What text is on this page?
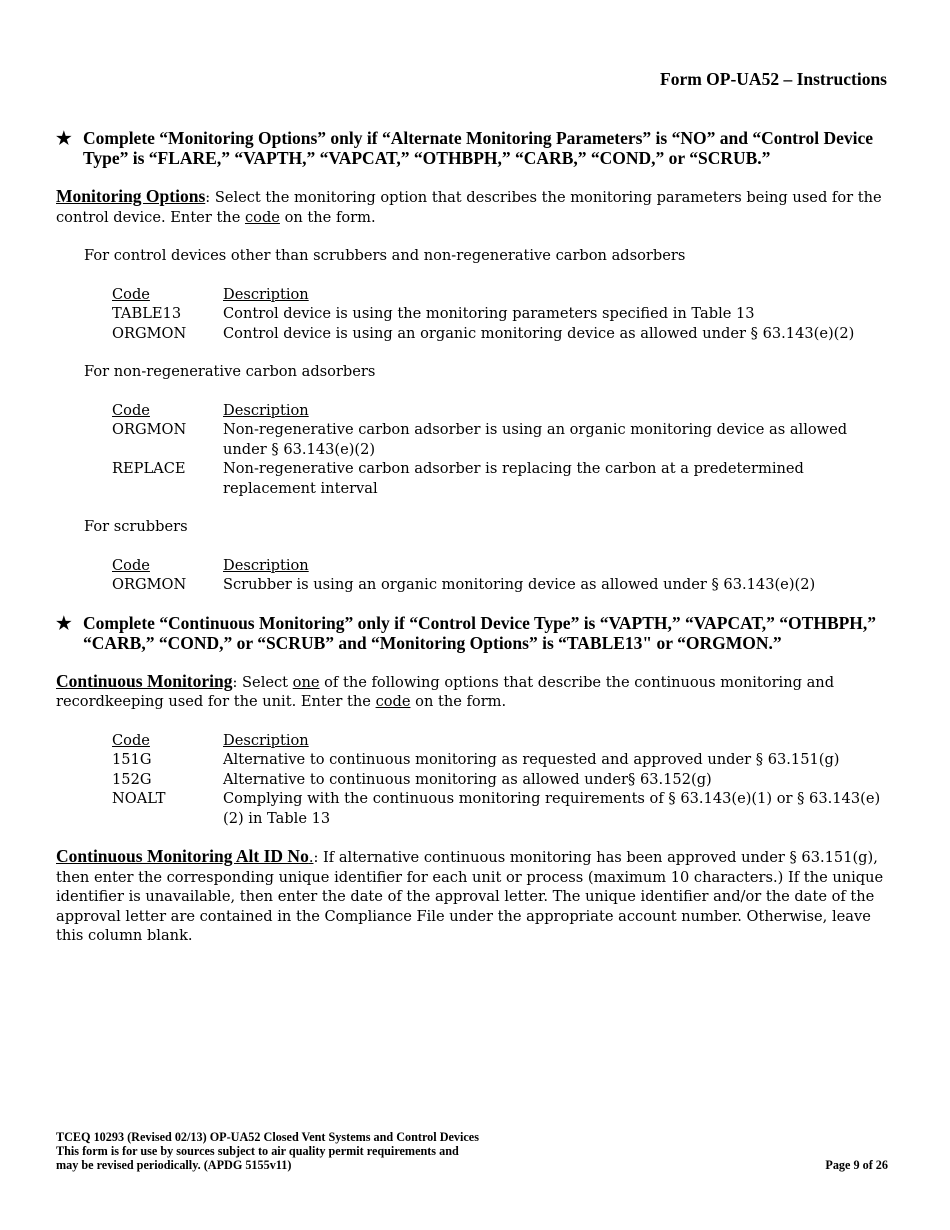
Form OP-UA52 – Instructions
★ Complete “Monitoring Options” only if “Alternate Monitoring Parameters” is “NO” and “Control Device Type” is “FLARE,” “VAPTH,” “VAPCAT,” “OTHBPH,” “CARB,” “COND,” or “SCRUB.”

Monitoring Options: Select the monitoring option that describes the monitoring parameters being used for the control device. Enter the code on the form.

For control devices other than scrubbers and non-regenerative carbon adsorbers

Code	Description
TABLE13	Control device is using the monitoring parameters specified in Table 13
ORGMON	Control device is using an organic monitoring device as allowed under § 63.143(e)(2)

For non-regenerative carbon adsorbers

Code	Description
ORGMON	Non-regenerative carbon adsorber is using an organic monitoring device as allowed under § 63.143(e)(2)
REPLACE	Non-regenerative carbon adsorber is replacing the carbon at a predetermined replacement interval

For scrubbers

Code	Description
ORGMON	Scrubber is using an organic monitoring device as allowed under § 63.143(e)(2)
★ Complete “Continuous Monitoring” only if “Control Device Type” is “VAPTH,” “VAPCAT,” “OTHBPH,” “CARB,” “COND,” or “SCRUB” and “Monitoring Options” is “TABLE13" or “ORGMON.”

Continuous Monitoring: Select one of the following options that describe the continuous monitoring and recordkeeping used for the unit. Enter the code on the form.

Code	Description
151G	Alternative to continuous monitoring as requested and approved under § 63.151(g)
152G	Alternative to continuous monitoring as allowed under§ 63.152(g)
NOALT	Complying with the continuous monitoring requirements of § 63.143(e)(1) or § 63.143(e)(2) in Table 13

Continuous Monitoring Alt ID No.: If alternative continuous monitoring has been approved under § 63.151(g), then enter the corresponding unique identifier for each unit or process (maximum 10 characters.) If the unique identifier is unavailable, then enter the date of the approval letter. The unique identifier and/or the date of the approval letter are contained in the Compliance File under the appropriate account number. Otherwise, leave this column blank.

TCEQ 10293 (Revised 02/13) OP-UA52 Closed Vent Systems and Control Devices
This form is for use by sources subject to air quality permit requirements and
may be revised periodically. (APDG 5155v11)	Page 9 of 26
